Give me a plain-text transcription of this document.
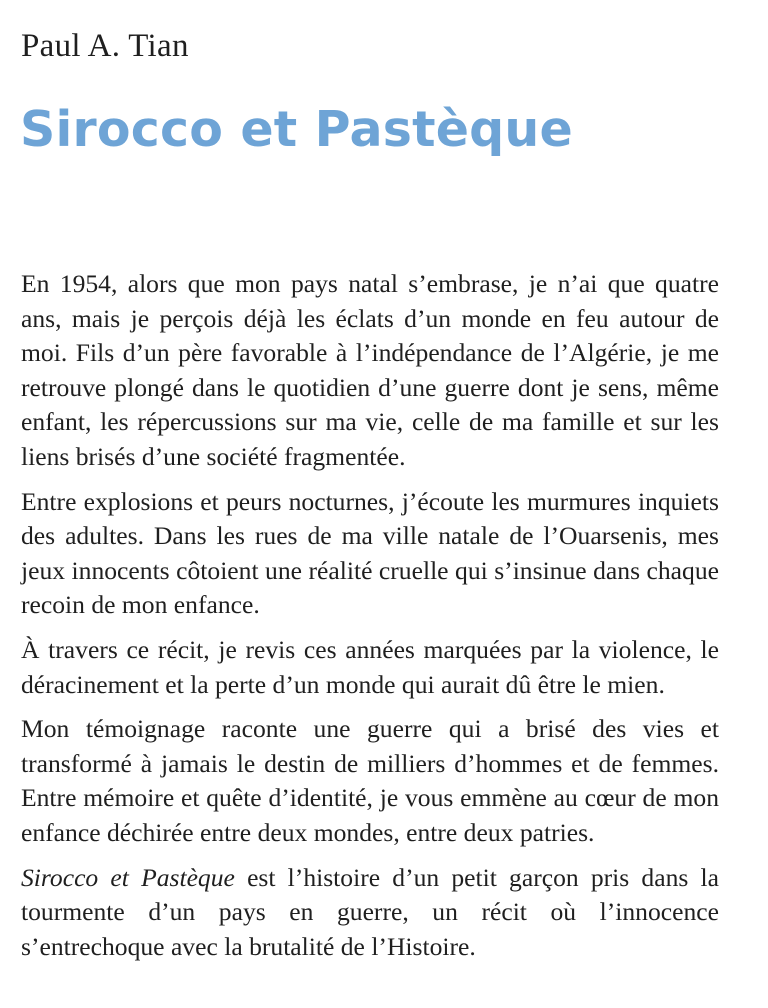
Paul A. Tian
Sirocco et Pastèque

En 1954, alors que mon pays natal s’embrase, je n’ai que quatre ans, mais je perçois déjà les éclats d’un monde en feu autour de moi. Fils d’un père favorable à l’indépendance de l’Algérie, je me retrouve plongé dans le quotidien d’une guerre dont je sens, même enfant, les répercussions sur ma vie, celle de ma famille et sur les liens brisés d’une société fragmentée.

Entre explosions et peurs nocturnes, j’écoute les murmures inquiets des adultes. Dans les rues de ma ville natale de l’Ouarsenis, mes jeux innocents côtoient une réalité cruelle qui s’insinue dans chaque recoin de mon enfance.

À travers ce récit, je revis ces années marquées par la violence, le déracinement et la perte d’un monde qui aurait dû être le mien.

Mon témoignage raconte une guerre qui a brisé des vies et transformé à jamais le destin de milliers d’hommes et de femmes. Entre mémoire et quête d’identité, je vous emmène au cœur de mon enfance déchirée entre deux mondes, entre deux patries.

Sirocco et Pastèque est l’histoire d’un petit garçon pris dans la tourmente d’un pays en guerre, un récit où l’innocence s’entrechoque avec la brutalité de l’Histoire.
